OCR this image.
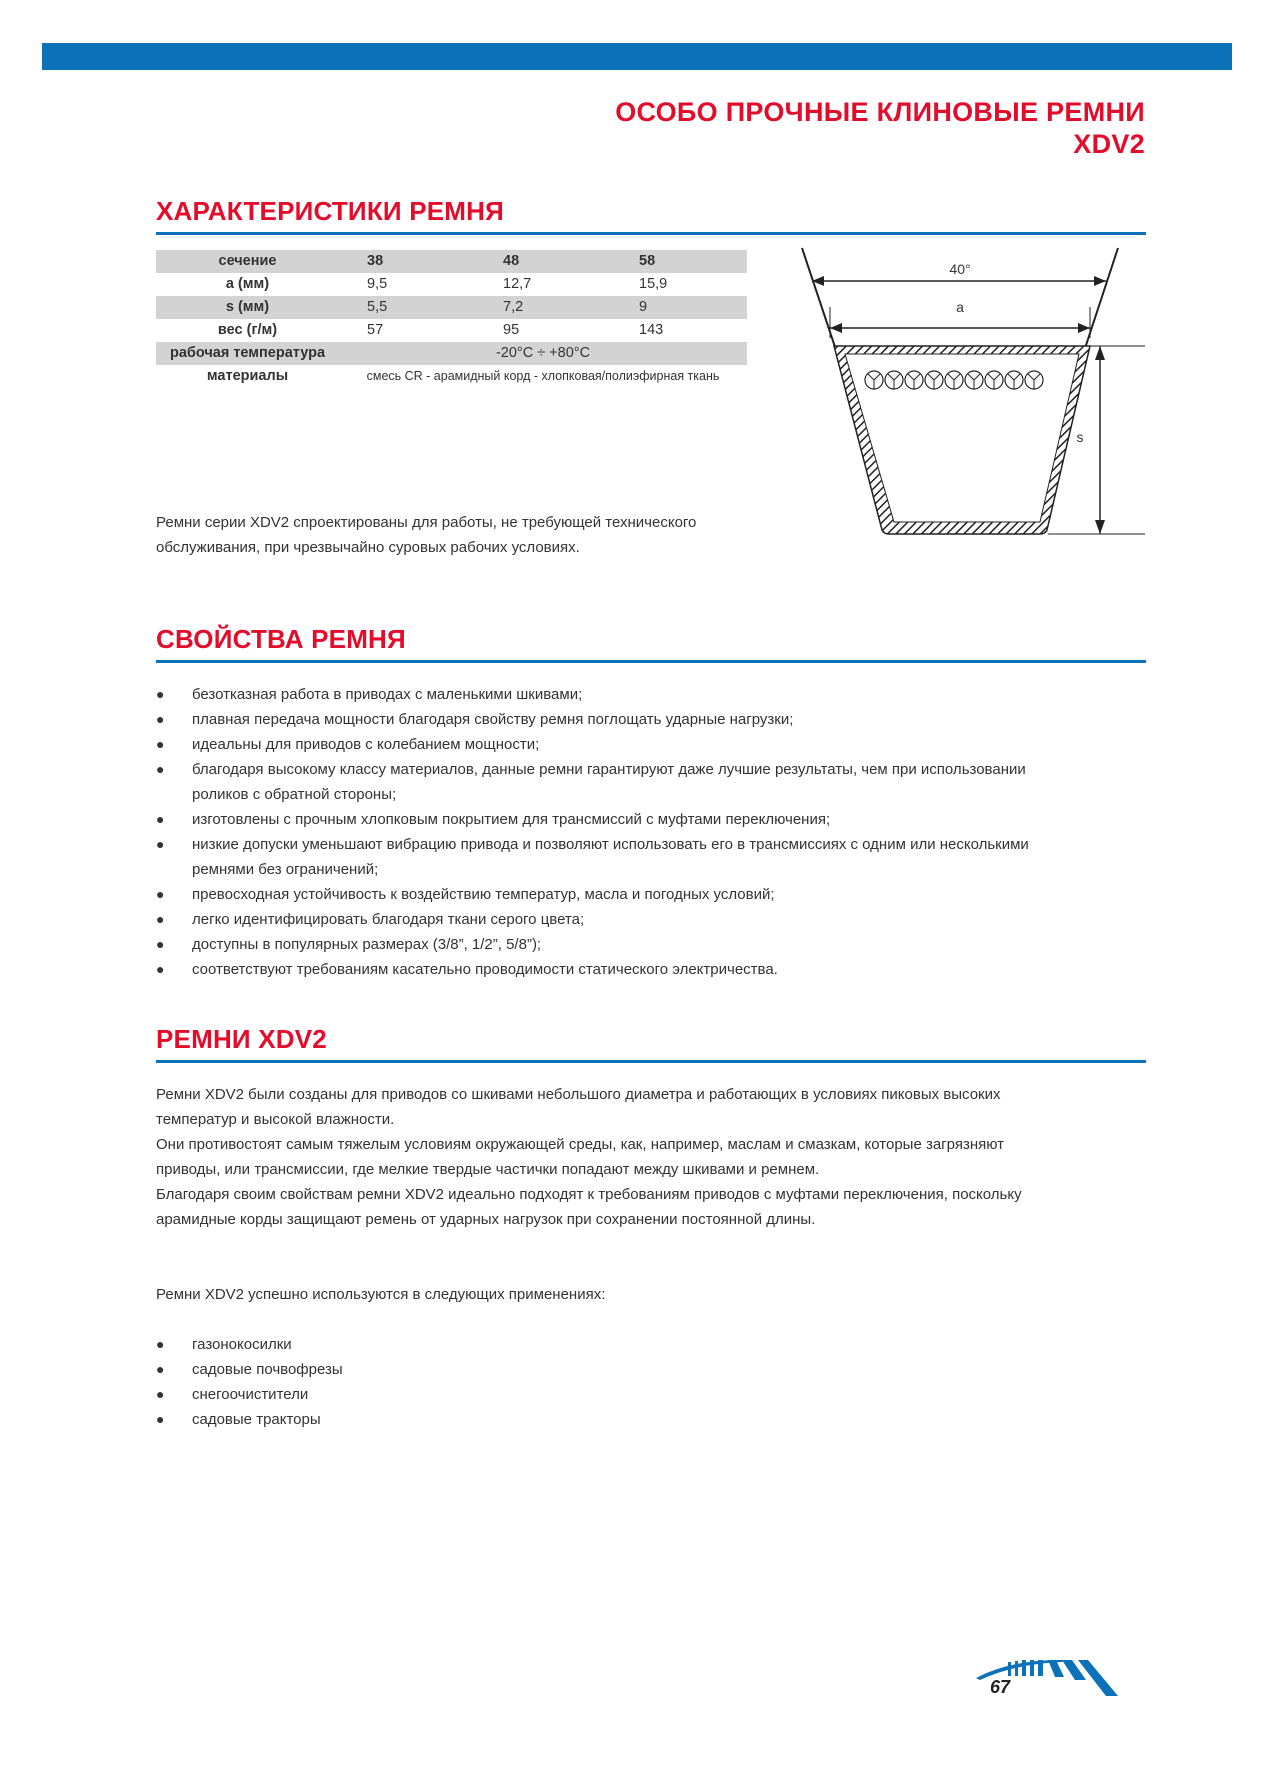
ОСОБО ПРОЧНЫЕ КЛИНОВЫЕ РЕМНИ
XDV2
ХАРАКТЕРИСТИКИ РЕМНЯ
сечение	38	48	58
a (мм)	9,5	12,7	15,9
s (мм)	5,5	7,2	9
вес (г/м)	57	95	143
рабочая температура	-20°C ÷ +80°C		
материалы	смесь CR - арамидный корд - хлопковая/полиэфирная ткань		
40°
a
s
Ремни серии XDV2 спроектированы для работы, не требующей технического
обслуживания, при чрезвычайно суровых рабочих условиях.
СВОЙСТВА РЕМНЯ
● безотказная работа в приводах с маленькими шкивами;
● плавная передача мощности благодаря свойству ремня поглощать ударные нагрузки;
● идеальны для приводов с колебанием мощности;
● благодаря высокому классу материалов, данные ремни гарантируют даже лучшие результаты, чем при использовании
роликов с обратной стороны;
● изготовлены с прочным хлопковым покрытием для трансмиссий с муфтами переключения;
● низкие допуски уменьшают вибрацию привода и позволяют использовать его в трансмиссиях с одним или несколькими
ремнями без ограничений;
● превосходная устойчивость к воздействию температур, масла и погодных условий;
● легко идентифицировать благодаря ткани серого цвета;
● доступны в популярных размерах (3/8”, 1/2”, 5/8”);
● соответствуют требованиям касательно проводимости статического электричества.
РЕМНИ XDV2
Ремни XDV2 были созданы для приводов со шкивами небольшого диаметра и работающих в условиях пиковых высоких
температур и высокой влажности.
Они противостоят самым тяжелым условиям окружающей среды, как, например, маслам и смазкам, которые загрязняют
приводы, или трансмиссии, где мелкие твердые частички попадают между шкивами и ремнем.
Благодаря своим свойствам ремни XDV2 идеально подходят к требованиям приводов с муфтами переключения, поскольку
арамидные корды защищают ремень от ударных нагрузок при сохранении постоянной длины.
Ремни XDV2 успешно используются в следующих применениях:
● газонокосилки
● садовые почвофрезы
● снегоочистители
● садовые тракторы
67
